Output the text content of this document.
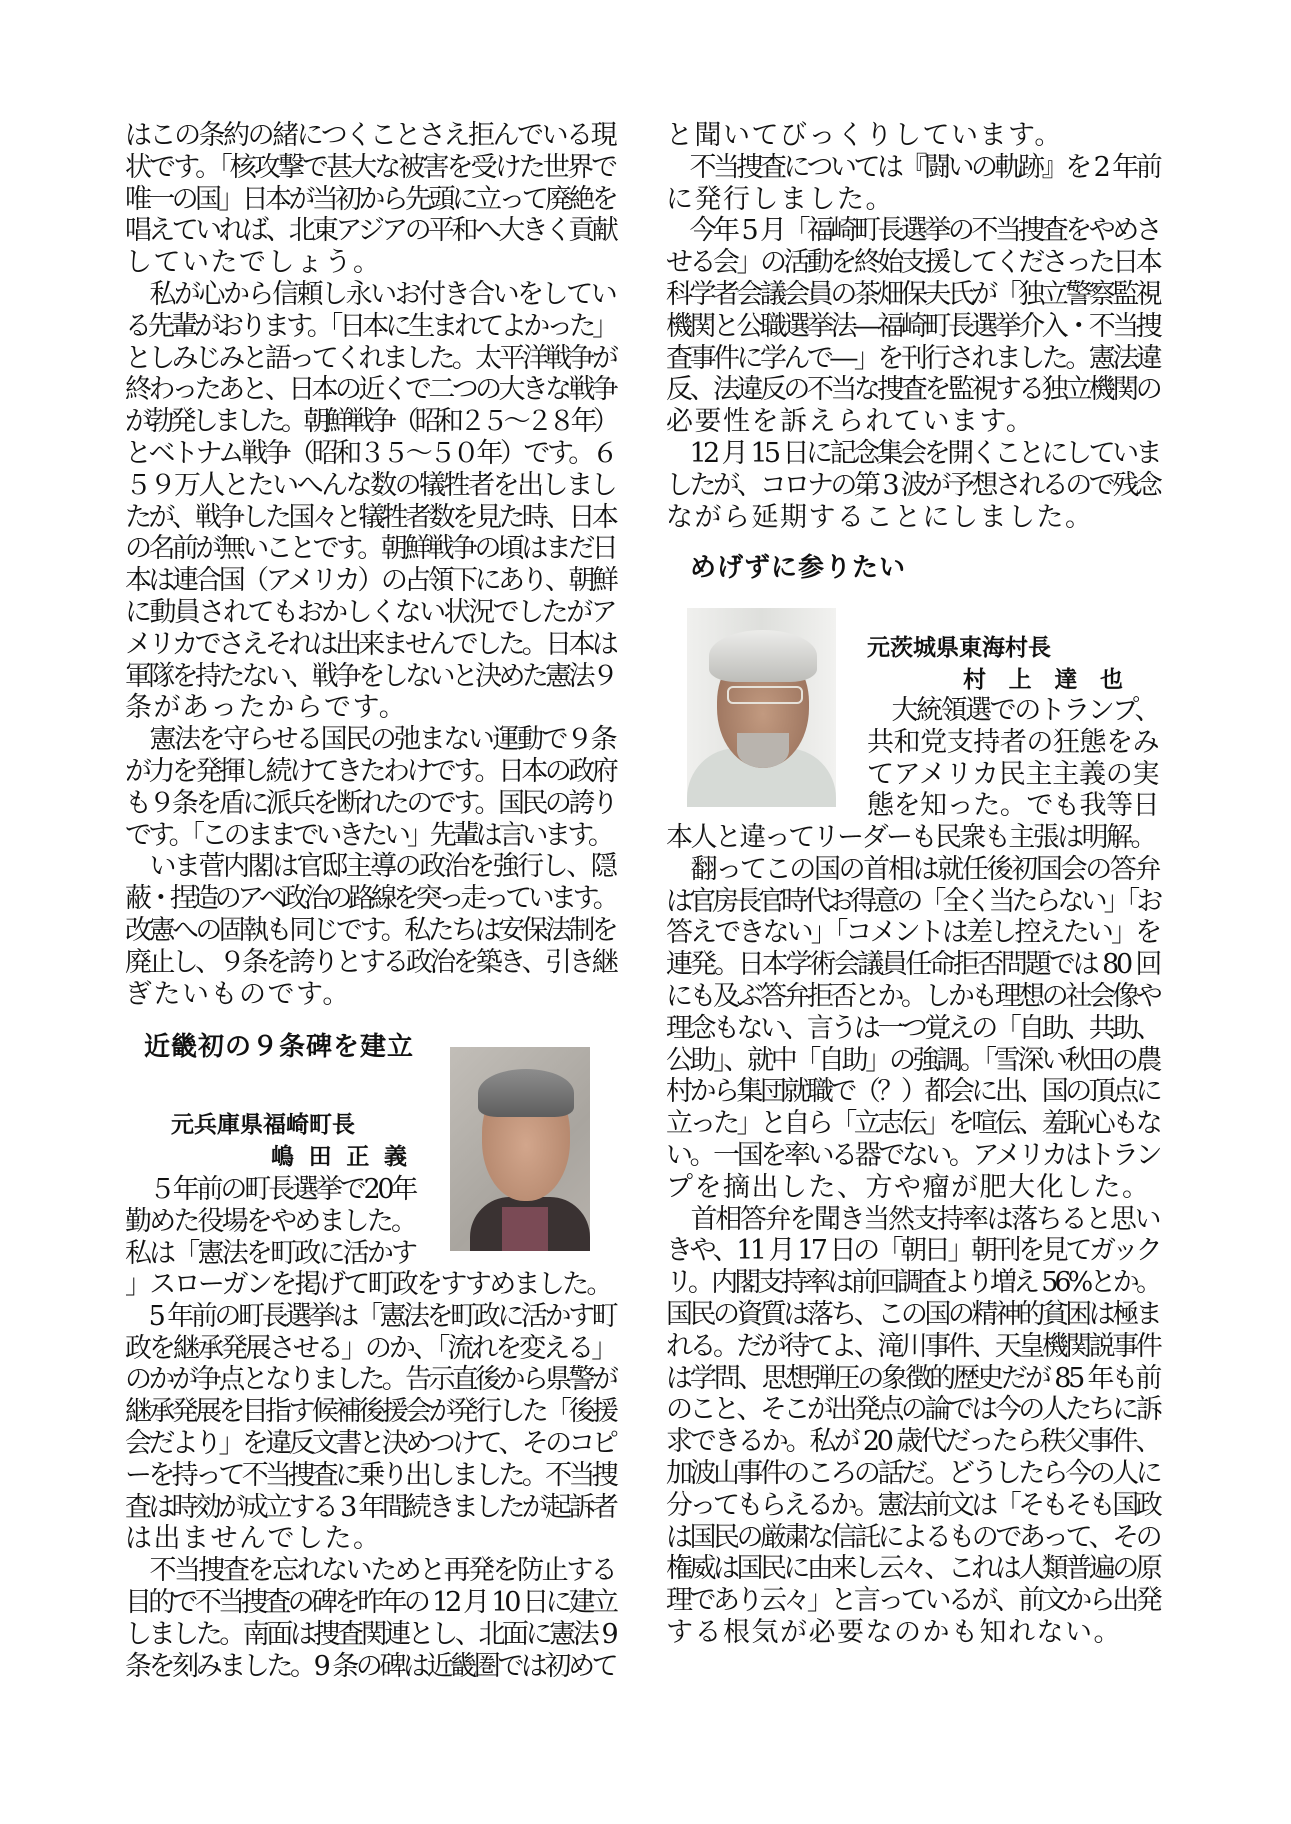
はこの条約の緒につくことさえ拒んでいる現
状です。「核攻撃で甚大な被害を受けた世界で
唯一の国」日本が当初から先頭に立って廃絶を
唱えていれば、北東アジアの平和へ大きく貢献
していたでしょう。
　私が心から信頼し永いお付き合いをしてい
る先輩がおります。「日本に生まれてよかった」
としみじみと語ってくれました。太平洋戦争が
終わったあと、日本の近くで二つの大きな戦争
が勃発しました。朝鮮戦争（昭和２５～２８年）
とベトナム戦争（昭和３５～５０年）です。６
５９万人とたいへんな数の犠牲者を出しまし
たが、戦争した国々と犠牲者数を見た時、日本
の名前が無いことです。朝鮮戦争の頃はまだ日
本は連合国（アメリカ）の占領下にあり、朝鮮
に動員されてもおかしくない状況でしたがア
メリカでさえそれは出来ませんでした。日本は
軍隊を持たない、戦争をしないと決めた憲法９
条があったからです。
　憲法を守らせる国民の弛まない運動で９条
が力を発揮し続けてきたわけです。日本の政府
も９条を盾に派兵を断れたのです。国民の誇り
です。「このままでいきたい」先輩は言います。
　いま菅内閣は官邸主導の政治を強行し、隠
蔽・捏造のアベ政治の路線を突っ走っています。
改憲への固執も同じです。私たちは安保法制を
廃止し、９条を誇りとする政治を築き、引き継
ぎたいものです。
近畿初の９条碑を建立
元兵庫県福崎町長
嶋 田 正 義
　５年前の町長選挙で20年
勤めた役場をやめました。
私は「憲法を町政に活かす
」スローガンを掲げて町政をすすめました。
　5 年前の町長選挙は「憲法を町政に活かす町
政を継承発展させる」のか、「流れを変える」
のかが争点となりました。告示直後から県警が
継承発展を目指す候補後援会が発行した「後援
会だより」を違反文書と決めつけて、そのコピ
ーを持って不当捜査に乗り出しました。不当捜
査は時効が成立する 3 年間続きましたが起訴者
は出ませんでした。
　不当捜査を忘れないためと再発を防止する
目的で不当捜査の碑を昨年の 12 月 10 日に建立
しました。南面は捜査関連とし、北面に憲法 9
条を刻みました。9 条の碑は近畿圏では初めて
と聞いてびっくりしています。
　不当捜査については『闘いの軌跡』を 2 年前
に発行しました。
　今年 5 月「福崎町長選挙の不当捜査をやめさ
せる会」の活動を終始支援してくださった日本
科学者会議会員の茶畑保夫氏が「独立警察監視
機関と公職選挙法―福崎町長選挙介入・不当捜
査事件に学んで―」を刊行されました。憲法違
反、法違反の不当な捜査を監視する独立機関の
必要性を訴えられています。
　12 月 15 日に記念集会を開くことにしていま
したが、コロナの第 3 波が予想されるので残念
ながら延期することにしました。
めげずに参りたい
元茨城県東海村長
村 上 達 也
　大統領選でのトランプ、
共和党支持者の狂態をみ
てアメリカ民主主義の実
態を知った。でも我等日
本人と違ってリーダーも民衆も主張は明解。
　翻ってこの国の首相は就任後初国会の答弁
は官房長官時代お得意の「全く当たらない」「お
答えできない」「コメントは差し控えたい」を
連発。日本学術会議員任命拒否問題では 80 回
にも及ぶ答弁拒否とか。しかも理想の社会像や
理念もない、言うは一つ覚えの「自助、共助、
公助」、就中「自助」の強調。「雪深い秋田の農
村から集団就職で（？）都会に出、国の頂点に
立った」と自ら「立志伝」を喧伝、羞恥心もな
い。一国を率いる器でない。アメリカはトラン
プを摘出した、方や瘤が肥大化した。
　首相答弁を聞き当然支持率は落ちると思い
きや、11 月 17 日の「朝日」朝刊を見てガック
リ。内閣支持率は前回調査より増え 56%とか。
国民の資質は落ち、この国の精神的貧困は極ま
れる。だが待てよ、滝川事件、天皇機関説事件
は学問、思想弾圧の象徴的歴史だが 85 年も前
のこと、そこが出発点の論では今の人たちに訴
求できるか。私が 20 歳代だったら秩父事件、
加波山事件のころの話だ。どうしたら今の人に
分ってもらえるか。憲法前文は「そもそも国政
は国民の厳粛な信託によるものであって、その
権威は国民に由来し云々、これは人類普遍の原
理であり云々」と言っているが、前文から出発
する根気が必要なのかも知れない。
